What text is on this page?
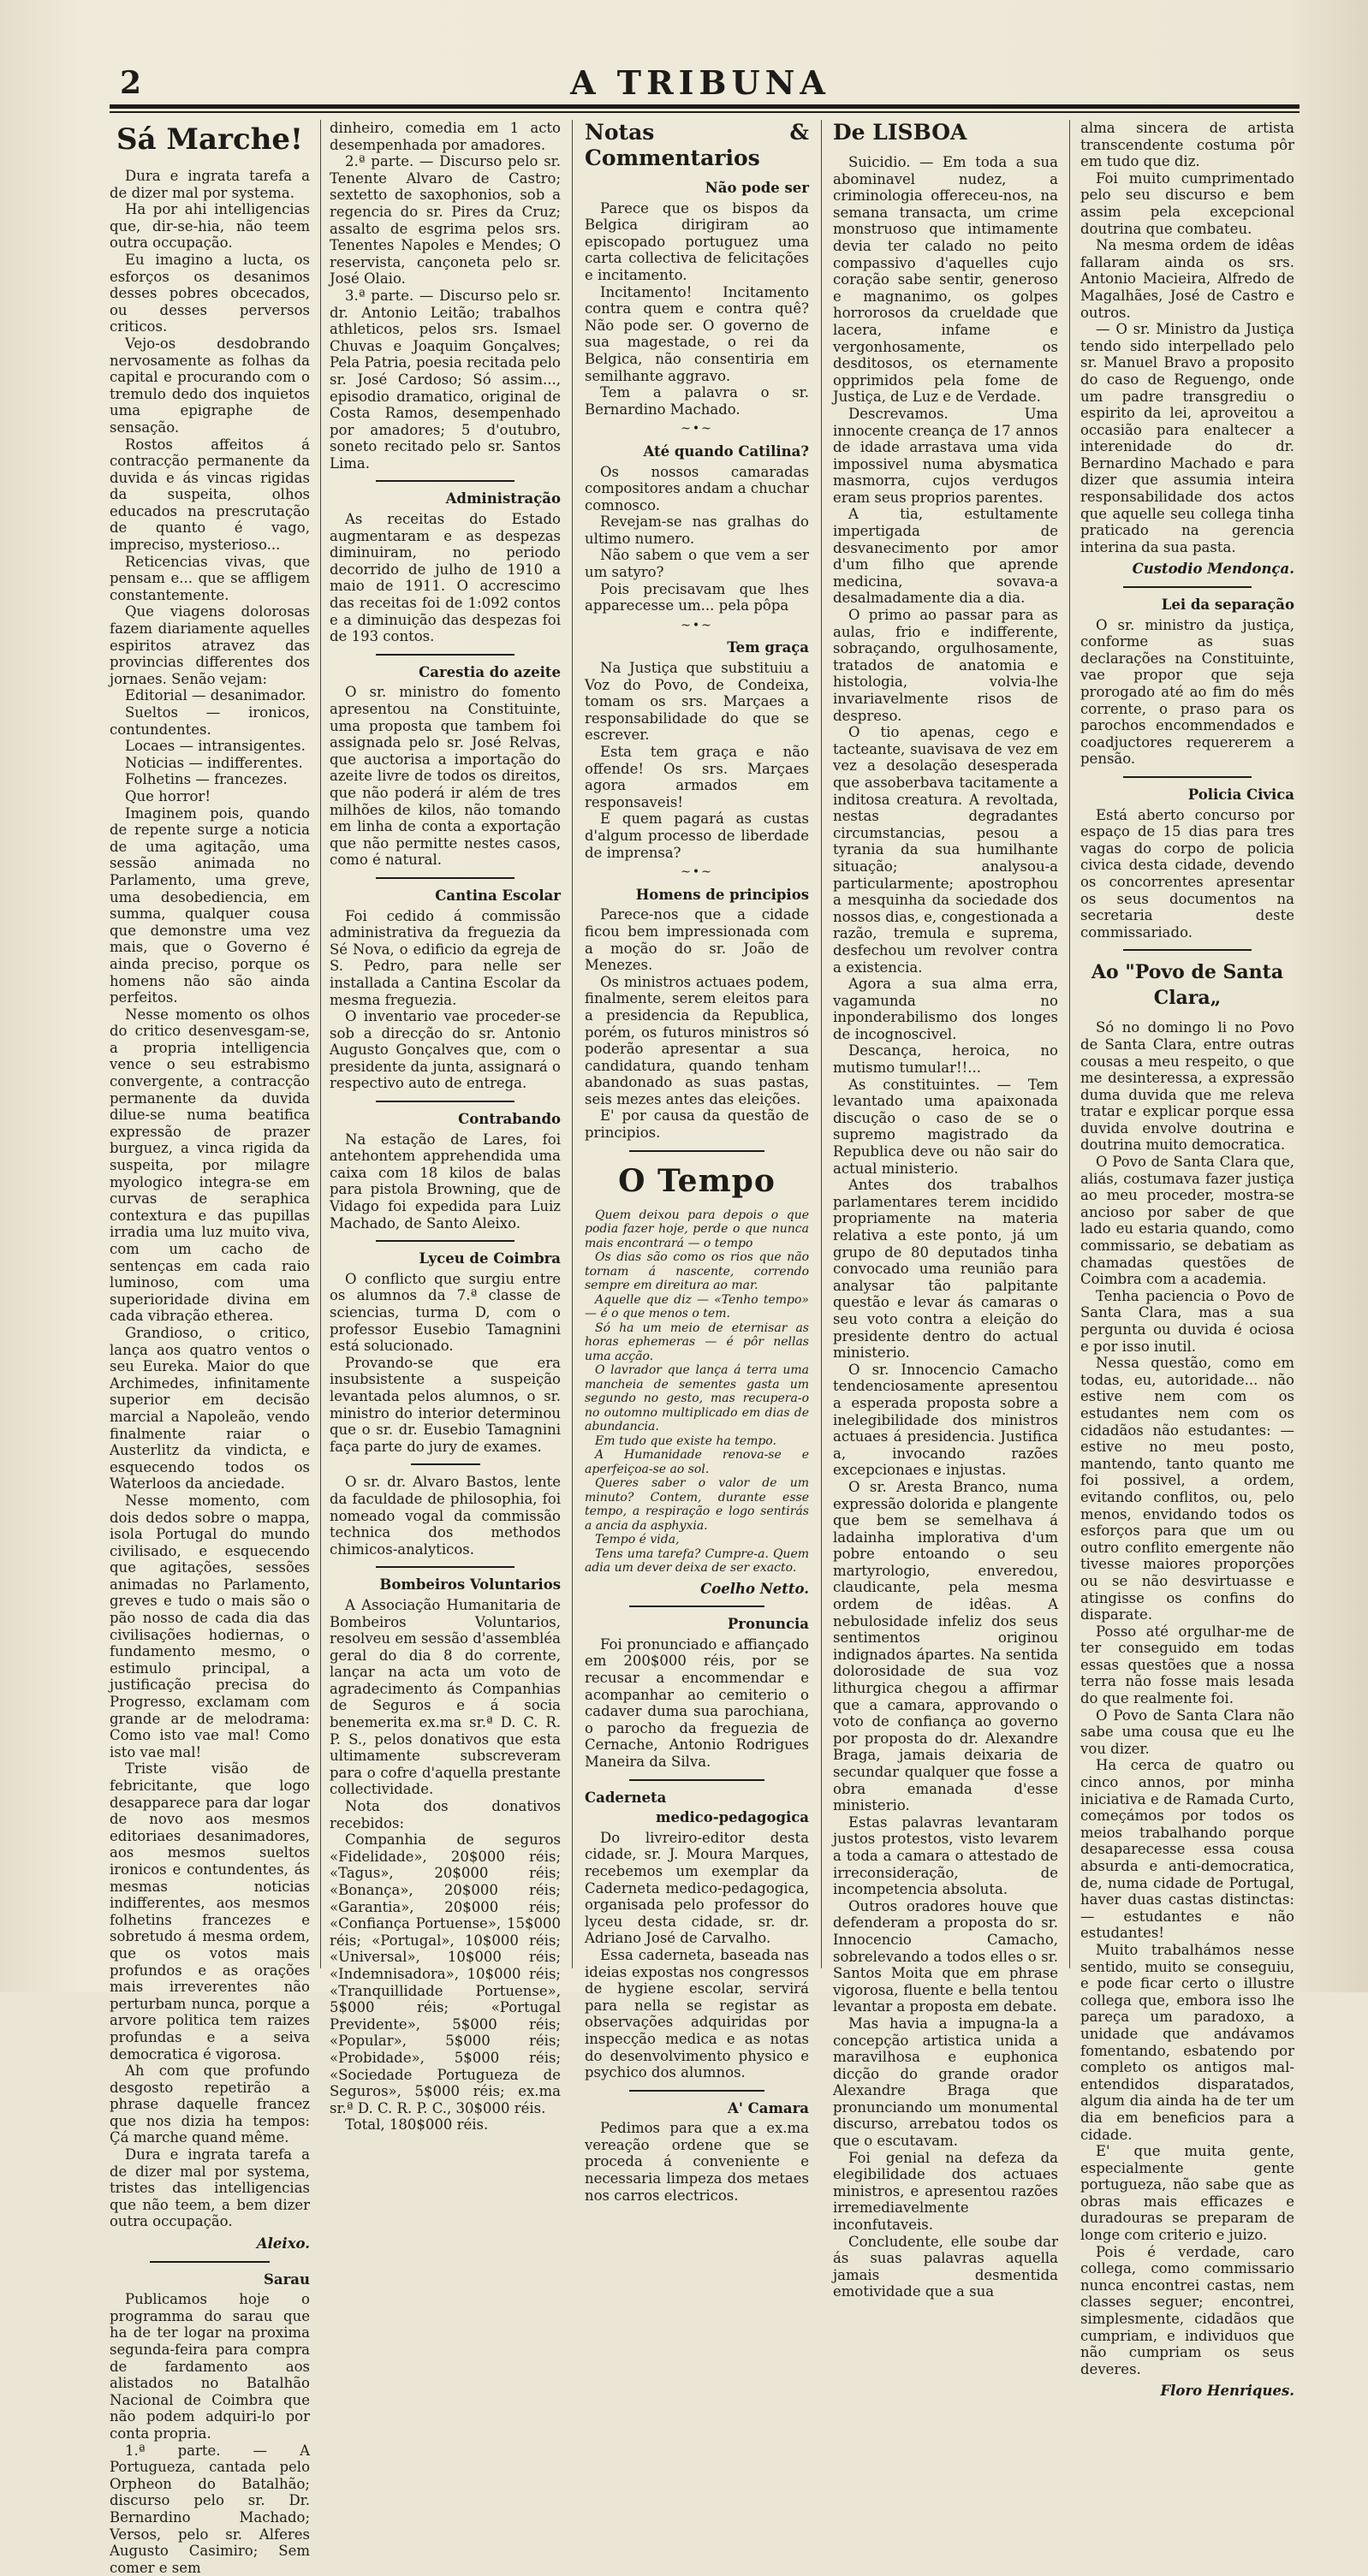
2	A TRIBUNA
Sá Marche!

Dura e ingrata tarefa a de dizer mal por systema.

Ha por ahi intelligencias que, dir-se-hia, não teem outra occupação.

Eu imagino a lucta, os esforços os desanimos desses pobres obcecados, ou desses perversos criticos.

Vejo-os desdobrando nervosamente as folhas da capital e procurando com o tremulo dedo dos inquietos uma epigraphe de sensação.

Rostos affeitos á contracção permanente da duvida e ás vincas rigidas da suspeita, olhos educados na prescrutação de quanto é vago, impreciso, mysterioso...

Reticencias vivas, que pensam e... que se affligem constantemente.

Que viagens dolorosas fazem diariamente aquelles espiritos atravez das provincias differentes dos jornaes. Senão vejam:

Editorial — desanimador.

Sueltos — ironicos, contundentes.

Locaes — intransigentes.

Noticias — indifferentes.

Folhetins — francezes.

Que horror!

Imaginem pois, quando de repente surge a noticia de uma agitação, uma sessão animada no Parlamento, uma greve, uma desobediencia, em summa, qualquer cousa que demonstre uma vez mais, que o Governo é ainda preciso, porque os homens não são ainda perfeitos.

Nesse momento os olhos do critico desenvesgam-se, a propria intelligencia vence o seu estrabismo convergente, a contracção permanente da duvida dilue-se numa beatifica expressão de prazer burguez, a vinca rigida da suspeita, por milagre myologico integra-se em curvas de seraphica contextura e das pupillas irradia uma luz muito viva, com um cacho de sentenças em cada raio luminoso, com uma superioridade divina em cada vibração etherea.

Grandioso, o critico, lança aos quatro ventos o seu Eureka. Maior do que Archimedes, infinitamente superior em decisão marcial a Napoleão, vendo finalmente raiar o Austerlitz da vindicta, e esquecendo todos os Waterloos da anciedade.

Nesse momento, com dois dedos sobre o mappa, isola Portugal do mundo civilisado, e esquecendo que agitações, sessões animadas no Parlamento, greves e tudo o mais são o pão nosso de cada dia das civilisações hodiernas, o fundamento mesmo, o estimulo principal, a justificação precisa do Progresso, exclamam com grande ar de melodrama: Como isto vae mal! Como isto vae mal!

Triste visão de febricitante, que logo desapparece para dar logar de novo aos mesmos editoriaes desanimadores, aos mesmos sueltos ironicos e contundentes, ás mesmas noticias indifferentes, aos mesmos folhetins francezes e sobretudo á mesma ordem, que os votos mais profundos e as orações mais irreverentes não perturbam nunca, porque a arvore politica tem raizes profundas e a seiva democratica é vigorosa.

Ah com que profundo desgosto repetirão a phrase daquelle francez que nos dizia ha tempos: Çá marche quand même.

Dura e ingrata tarefa a de dizer mal por systema, tristes das intelligencias que não teem, a bem dizer outra occupação.

Aleixo.

Sarau

Publicamos hoje o programma do sarau que ha de ter logar na proxima segunda-feira para compra de fardamento aos alistados no Batalhão Nacional de Coimbra que não podem adquiri-lo por conta propria.

1.ª parte. — A Portugueza, cantada pelo Orpheon do Batalhão; discurso pelo sr. Dr. Bernardino Machado; Versos, pelo sr. Alferes Augusto Casimiro; Sem comer e sem

dinheiro, comedia em 1 acto desempenhada por amadores.

2.ª parte. — Discurso pelo sr. Tenente Alvaro de Castro; sextetto de saxophonios, sob a regencia do sr. Pires da Cruz; assalto de esgrima pelos srs. Tenentes Napoles e Mendes; O reservista, cançoneta pelo sr. José Olaio.

3.ª parte. — Discurso pelo sr. dr. Antonio Leitão; trabalhos athleticos, pelos srs. Ismael Chuvas e Joaquim Gonçalves; Pela Patria, poesia recitada pelo sr. José Cardoso; Só assim..., episodio dramatico, original de Costa Ramos, desempenhado por amadores; 5 d'outubro, soneto recitado pelo sr. Santos Lima.

Administração

As receitas do Estado augmentaram e as despezas diminuiram, no periodo decorrido de julho de 1910 a maio de 1911. O accrescimo das receitas foi de 1:092 contos e a diminuição das despezas foi de 193 contos.

Carestia do azeite

O sr. ministro do fomento apresentou na Constituinte, uma proposta que tambem foi assignada pelo sr. José Relvas, que auctorisa a importação do azeite livre de todos os direitos, que não poderá ir além de tres milhões de kilos, não tomando em linha de conta a exportação que não permitte nestes casos, como é natural.

Cantina Escolar

Foi cedido á commissão administrativa da freguezia da Sé Nova, o edificio da egreja de S. Pedro, para nelle ser installada a Cantina Escolar da mesma freguezia.

O inventario vae proceder-se sob a direcção do sr. Antonio Augusto Gonçalves que, com o presidente da junta, assignará o respectivo auto de entrega.

Contrabando

Na estação de Lares, foi antehontem apprehendida uma caixa com 18 kilos de balas para pistola Browning, que de Vidago foi expedida para Luiz Machado, de Santo Aleixo.

Lyceu de Coimbra

O conflicto que surgiu entre os alumnos da 7.ª classe de sciencias, turma D, com o professor Eusebio Tamagnini está solucionado.

Provando-se que era insubsistente a suspeição levantada pelos alumnos, o sr. ministro do interior determinou que o sr. dr. Eusebio Tamagnini faça parte do jury de exames.

O sr. dr. Alvaro Bastos, lente da faculdade de philosophia, foi nomeado vogal da commissão technica dos methodos chimicos-analyticos.

Bombeiros Voluntarios

A Associação Humanitaria de Bombeiros Voluntarios, resolveu em sessão d'assembléa geral do dia 8 do corrente, lançar na acta um voto de agradecimento ás Companhias de Seguros e á socia benemerita ex.ma sr.ª D. C. R. P. S., pelos donativos que esta ultimamente subscreveram para o cofre d'aquella prestante collectividade.

Nota dos donativos recebidos:

Companhia de seguros «Fidelidade», 20$000 réis; «Tagus», 20$000 réis; «Bonança», 20$000 réis; «Garantia», 20$000 réis; «Confiança Portuense», 15$000 réis; «Portugal», 10$000 réis; «Universal», 10$000 réis; «Indemnisadora», 10$000 réis; «Tranquillidade Portuense», 5$000 réis; «Portugal Previdente», 5$000 réis; «Popular», 5$000 réis; «Probidade», 5$000 réis; «Sociedade Portugueza de Seguros», 5$000 réis; ex.ma sr.ª D. C. R. P. C., 30$000 réis.

Total, 180$000 réis.

Notas & Commentarios
Não pode ser

Parece que os bispos da Belgica dirigiram ao episcopado portuguez uma carta collectiva de felicitações e incitamento.

Incitamento! Incitamento contra quem e contra quê? Não pode ser. O governo de sua magestade, o rei da Belgica, não consentiria em semilhante aggravo.

Tem a palavra o sr. Bernardino Machado.

~•~
Até quando Catilina?

Os nossos camaradas compositores andam a chuchar comnosco.

Revejam-se nas gralhas do ultimo numero.

Não sabem o que vem a ser um satyro?

Pois precisavam que lhes apparecesse um... pela pôpa

~•~
Tem graça

Na Justiça que substituiu a Voz do Povo, de Condeixa, tomam os srs. Marçaes a responsabilidade do que se escrever.

Esta tem graça e não offende! Os srs. Marçaes agora armados em responsaveis!

E quem pagará as custas d'algum processo de liberdade de imprensa?

~•~
Homens de principios

Parece-nos que a cidade ficou bem impressionada com a moção do sr. João de Menezes.

Os ministros actuaes podem, finalmente, serem eleitos para a presidencia da Republica, porém, os futuros ministros só poderão apresentar a sua candidatura, quando tenham abandonado as suas pastas, seis mezes antes das eleições.

E' por causa da questão de principios.

O Tempo

Quem deixou para depois o que podia fazer hoje, perde o que nunca mais encontrará — o tempo

Os dias são como os rios que não tornam á nascente, correndo sempre em direitura ao mar.

Aquelle que diz — «Tenho tempo» — é o que menos o tem.

Só ha um meio de eternisar as horas ephemeras — é pôr nellas uma acção.

O lavrador que lança á terra uma mancheia de sementes gasta um segundo no gesto, mas recupera-o no outomno multiplicado em dias de abundancia.

Em tudo que existe ha tempo.

A Humanidade renova-se e aperfeiçoa-se ao sol.

Queres saber o valor de um minuto? Contem, durante esse tempo, a respiração e logo sentirás a ancia da asphyxia.

Tempo é vida,

Tens uma tarefa? Cumpre-a. Quem adia um dever deixa de ser exacto.

Coelho Netto.

Pronuncia

Foi pronunciado e affiançado em 200$000 réis, por se recusar a encommendar e acompanhar ao cemiterio o cadaver duma sua parochiana, o parocho da freguezia de Cernache, Antonio Rodrigues Maneira da Silva.

Caderneta
medico-pedagogica

Do livreiro-editor desta cidade, sr. J. Moura Marques, recebemos um exemplar da Caderneta medico-pedagogica, organisada pelo professor do lyceu desta cidade, sr. dr. Adriano José de Carvalho.

Essa caderneta, baseada nas ideias expostas nos congressos de hygiene escolar, servirá para nella se registar as observações adquiridas por inspecção medica e as notas do desenvolvimento physico e psychico dos alumnos.

A' Camara

Pedimos para que a ex.ma vereação ordene que se proceda á conveniente e necessaria limpeza dos metaes nos carros electricos.

De LISBOA

Suicidio. — Em toda a sua abominavel nudez, a criminologia offereceu-nos, na semana transacta, um crime monstruoso que intimamente devia ter calado no peito compassivo d'aquelles cujo coração sabe sentir, generoso e magnanimo, os golpes horrorosos da crueldade que lacera, infame e vergonhosamente, os desditosos, os eternamente opprimidos pela fome de Justiça, de Luz e de Verdade.

Descrevamos. Uma innocente creança de 17 annos de idade arrastava uma vida impossivel numa abysmatica masmorra, cujos verdugos eram seus proprios parentes.

A tia, estultamente impertigada de desvanecimento por amor d'um filho que aprende medicina, sovava-a desalmadamente dia a dia.

O primo ao passar para as aulas, frio e indifferente, sobraçando, orgulhosamente, tratados de anatomia e histologia, volvia-lhe invariavelmente risos de despreso.

O tio apenas, cego e tacteante, suavisava de vez em vez a desolação desesperada que assoberbava tacitamente a inditosa creatura. A revoltada, nestas degradantes circumstancias, pesou a tyrania da sua humilhante situação; analysou-a particularmente; apostrophou a mesquinha da sociedade dos nossos dias, e, congestionada a razão, tremula e suprema, desfechou um revolver contra a existencia.

Agora a sua alma erra, vagamunda no inponderabilismo dos longes de incognoscivel.

Descança, heroica, no mutismo tumular!!...

As constituintes. — Tem levantado uma apaixonada discução o caso de se o supremo magistrado da Republica deve ou não sair do actual ministerio.

Antes dos trabalhos parlamentares terem incidido propriamente na materia relativa a este ponto, já um grupo de 80 deputados tinha convocado uma reunião para analysar tão palpitante questão e levar ás camaras o seu voto contra a eleição do presidente dentro do actual ministerio.

O sr. Innocencio Camacho tendenciosamente apresentou a esperada proposta sobre a inelegibilidade dos ministros actuaes á presidencia. Justifica a, invocando razões excepcionaes e injustas.

O sr. Aresta Branco, numa expressão dolorida e plangente que bem se semelhava á ladainha implorativa d'um pobre entoando o seu martyrologio, enveredou, claudicante, pela mesma ordem de idêas. A nebulosidade infeliz dos seus sentimentos originou indignados ápartes. Na sentida dolorosidade de sua voz lithurgica chegou a affirmar que a camara, approvando o voto de confiança ao governo por proposta do dr. Alexandre Braga, jamais deixaria de secundar qualquer que fosse a obra emanada d'esse ministerio.

Estas palavras levantaram justos protestos, visto levarem a toda a camara o attestado de irreconsideração, de incompetencia absoluta.

Outros oradores houve que defenderam a proposta do sr. Innocencio Camacho, sobrelevando a todos elles o sr. Santos Moita que em phrase vigorosa, fluente e bella tentou levantar a proposta em debate.

Mas havia a impugna-la a concepção artistica unida a maravilhosa e euphonica dicção do grande orador Alexandre Braga que pronunciando um monumental discurso, arrebatou todos os que o escutavam.

Foi genial na defeza da elegibilidade dos actuaes ministros, e apresentou razões irremediavelmente inconfutaveis.

Concludente, elle soube dar ás suas palavras aquella jamais desmentida emotividade que a sua

alma sincera de artista transcendente costuma pôr em tudo que diz.

Foi muito cumprimentado pelo seu discurso e bem assim pela excepcional doutrina que combateu.

Na mesma ordem de idêas fallaram ainda os srs. Antonio Macieira, Alfredo de Magalhães, José de Castro e outros.

— O sr. Ministro da Justiça tendo sido interpellado pelo sr. Manuel Bravo a proposito do caso de Reguengo, onde um padre transgrediu o espirito da lei, aproveitou a occasião para enaltecer a interenidade do dr. Bernardino Machado e para dizer que assumia inteira responsabilidade dos actos que aquelle seu collega tinha praticado na gerencia interina da sua pasta.

Custodio Mendonça.

Lei da separação

O sr. ministro da justiça, conforme as suas declarações na Constituinte, vae propor que seja prorogado até ao fim do mês corrente, o praso para os parochos encommendados e coadjuctores requererem a pensão.

Policia Civica

Está aberto concurso por espaço de 15 dias para tres vagas do corpo de policia civica desta cidade, devendo os concorrentes apresentar os seus documentos na secretaria deste commissariado.

Ao "Povo de Santa Clara„

Só no domingo li no Povo de Santa Clara, entre outras cousas a meu respeito, o que me desinteressa, a expressão duma duvida que me releva tratar e explicar porque essa duvida envolve doutrina e doutrina muito democratica.

O Povo de Santa Clara que, aliás, costumava fazer justiça ao meu proceder, mostra-se ancioso por saber de que lado eu estaria quando, como commissario, se debatiam as chamadas questões de Coimbra com a academia.

Tenha paciencia o Povo de Santa Clara, mas a sua pergunta ou duvida é ociosa e por isso inutil.

Nessa questão, como em todas, eu, autoridade... não estive nem com os estudantes nem com os cidadãos não estudantes: — estive no meu posto, mantendo, tanto quanto me foi possivel, a ordem, evitando conflitos, ou, pelo menos, envidando todos os esforços para que um ou outro conflito emergente não tivesse maiores proporções ou se não desvirtuasse e atingisse os confins do disparate.

Posso até orgulhar-me de ter conseguido em todas essas questões que a nossa terra não fosse mais lesada do que realmente foi.

O Povo de Santa Clara não sabe uma cousa que eu lhe vou dizer.

Ha cerca de quatro ou cinco annos, por minha iniciativa e de Ramada Curto, começámos por todos os meios trabalhando porque desaparecesse essa cousa absurda e anti-democratica, de, numa cidade de Portugal, haver duas castas distinctas: — estudantes e não estudantes!

Muito trabalhámos nesse sentido, muito se conseguiu, e pode ficar certo o illustre collega que, embora isso lhe pareça um paradoxo, a unidade que andávamos fomentando, esbatendo por completo os antigos mal-entendidos disparatados, algum dia ainda ha de ter um dia em beneficios para a cidade.

E' que muita gente, especialmente gente portugueza, não sabe que as obras mais efficazes e duradouras se preparam de longe com criterio e juizo.

Pois é verdade, caro collega, como commissario nunca encontrei castas, nem classes seguer; encontrei, simplesmente, cidadãos que cumpriam, e individuos que não cumpriam os seus deveres.

Floro Henriques.
